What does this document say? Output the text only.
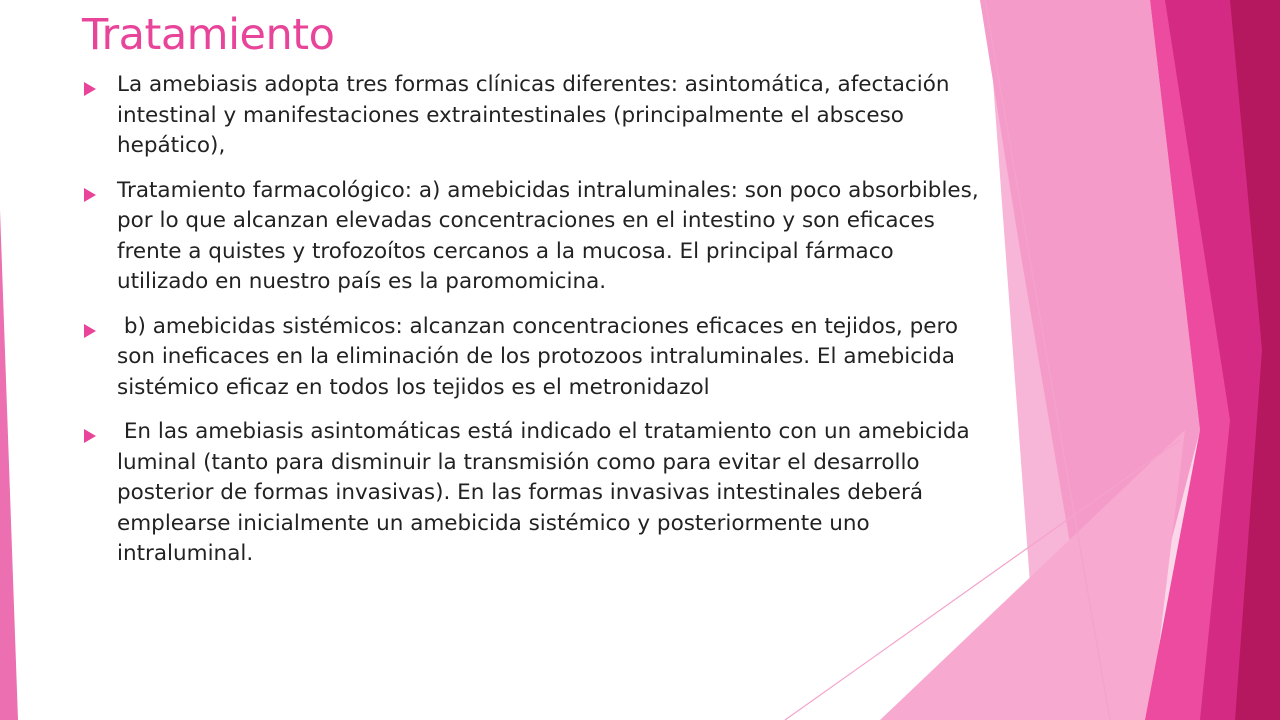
Tratamiento
La amebiasis adopta tres formas clínicas diferentes: asintomática, afectación intestinal y manifestaciones extraintestinales (principalmente el absceso hepático),
Tratamiento farmacológico: a) amebicidas intraluminales: son poco absorbibles, por lo que alcanzan elevadas concentraciones en el intestino y son eficaces frente a quistes y trofozoítos cercanos a la mucosa. El principal fármaco utilizado en nuestro país es la paromomicina.
b) amebicidas sistémicos: alcanzan concentraciones eficaces en tejidos, pero son ineficaces en la eliminación de los protozoos intraluminales. El amebicida sistémico eficaz en todos los tejidos es el metronidazol
En las amebiasis asintomáticas está indicado el tratamiento con un amebicida luminal (tanto para disminuir la transmisión como para evitar el desarrollo posterior de formas invasivas). En las formas invasivas intestinales deberá emplearse inicialmente un amebicida sistémico y posteriormente uno intraluminal.
